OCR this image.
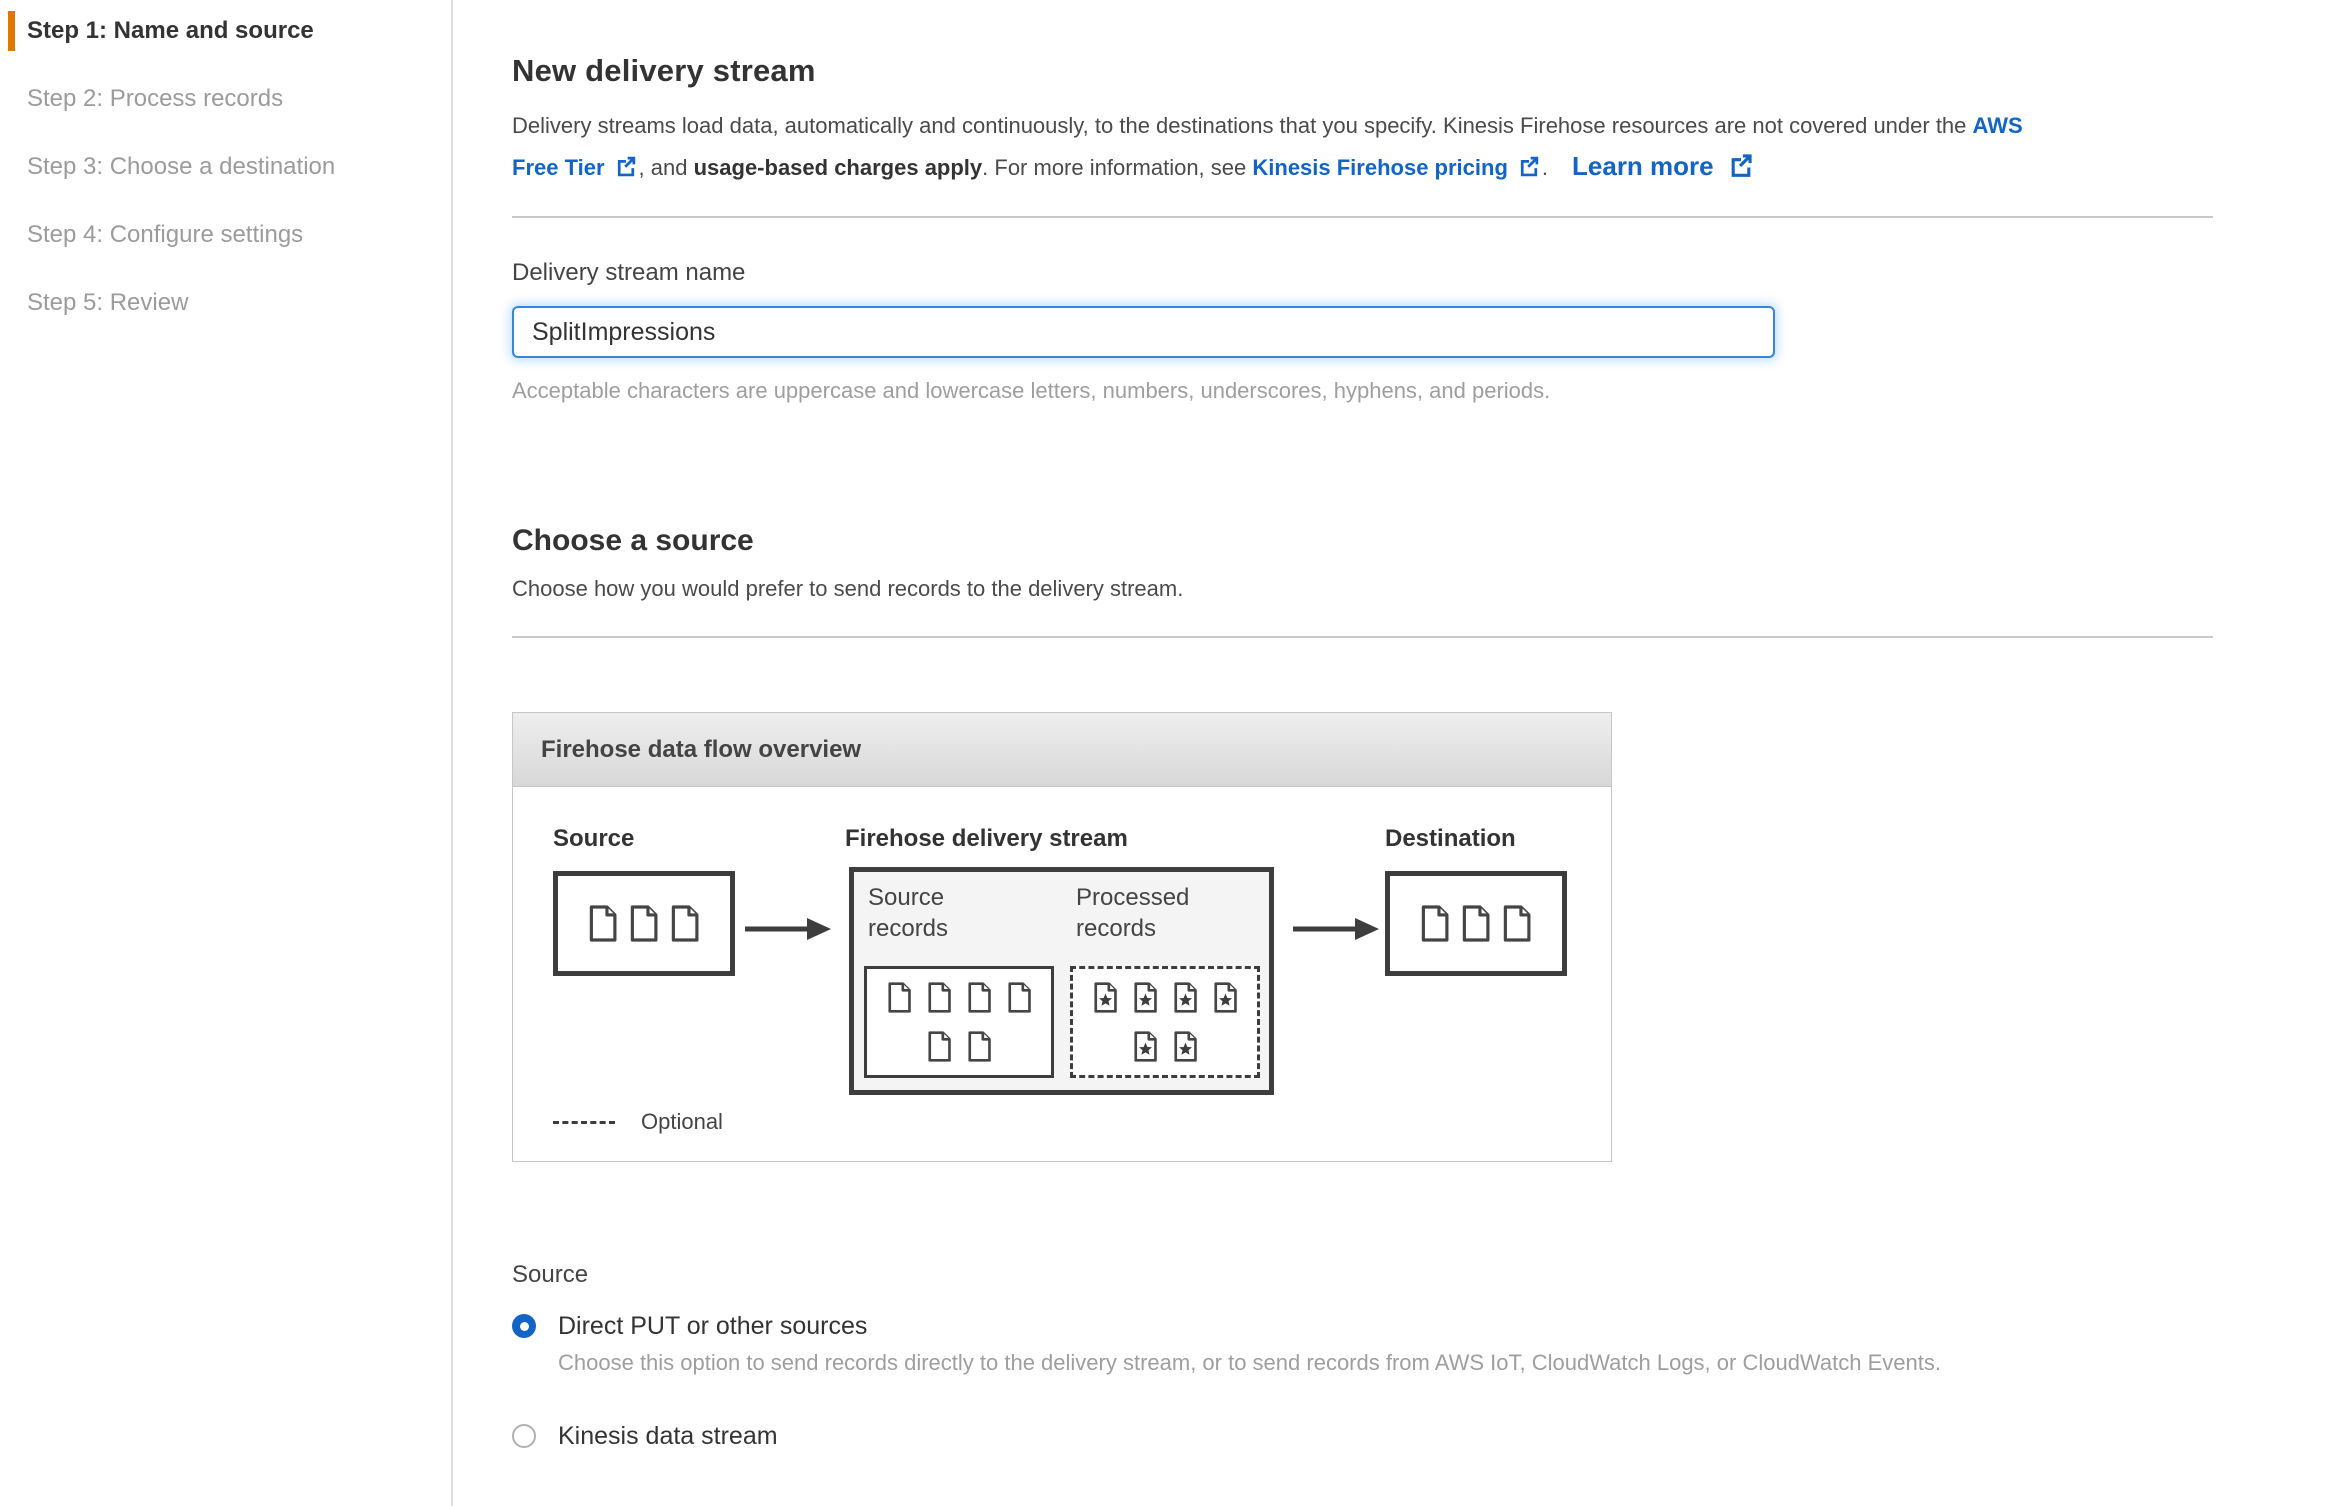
Step 1: Name and source
Step 2: Process records
Step 3: Choose a destination
Step 4: Configure settings
Step 5: Review
New delivery stream

Delivery streams load data, automatically and continuously, to the destinations that you specify. Kinesis Firehose resources are not covered under the AWS
Free Tier , and usage-based charges apply. For more information, see Kinesis Firehose pricing . Learn more

Delivery stream name
SplitImpressions
Acceptable characters are uppercase and lowercase letters, numbers, underscores, hyphens, and periods.
Choose a source

Choose how you would prefer to send records to the delivery stream.

Firehose data flow overview
Source	Firehose delivery stream	Destination
Source records
Processed records
Optional
Source
Direct PUT or other sources
Choose this option to send records directly to the delivery stream, or to send records from AWS IoT, CloudWatch Logs, or CloudWatch Events.
Kinesis data stream
